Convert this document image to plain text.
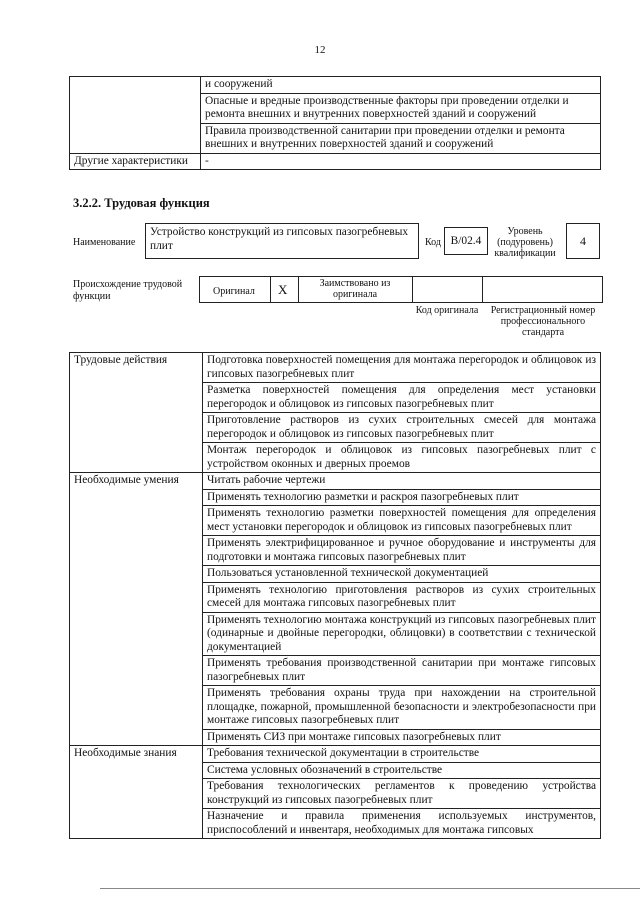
12
	и сооружений
	Опасные и вредные производственные факторы при проведении отделки и ремонта внешних и внутренних поверхностей зданий и сооружений
	Правила производственной санитарии при проведении отделки и ремонта внешних и внутренних поверхностей зданий и сооружений
Другие характеристики	-
3.2.2. Трудовая функция
Наименование
Устройство конструкций из гипсовых пазогребневых плит	Код B/02.4
Уровень (подуровень) квалификации
4
Происхождение трудовой функции	Оригинал X	Заимствовано из оригинала
Код оригинала	Регистрационный номер профессионального стандарта
Трудовые действия	Подготовка поверхностей помещения для монтажа перегородок и облицовок из гипсовых пазогребневых плит
	Разметка поверхностей помещения для определения мест установки перегородок и облицовок из гипсовых пазогребневых плит
	Приготовление растворов из сухих строительных смесей для монтажа перегородок и облицовок из гипсовых пазогребневых плит
	Монтаж перегородок и облицовок из гипсовых пазогребневых плит с устройством оконных и дверных проемов
Необходимые умения	Читать рабочие чертежи
	Применять технологию разметки и раскроя пазогребневых плит
	Применять технологию разметки поверхностей помещения для определения мест установки перегородок и облицовок из гипсовых пазогребневых плит
	Применять электрифицированное и ручное оборудование и инструменты для подготовки и монтажа гипсовых пазогребневых плит
	Пользоваться установленной технической документацией
	Применять технологию приготовления растворов из сухих строительных смесей для монтажа гипсовых пазогребневых плит
	Применять технологию монтажа конструкций из гипсовых пазогребневых плит (одинарные и двойные перегородки, облицовки) в соответствии с технической документацией
	Применять требования производственной санитарии при монтаже гипсовых пазогребневых плит
	Применять требования охраны труда при нахождении на строительной площадке, пожарной, промышленной безопасности и электробезопасности при монтаже гипсовых пазогребневых плит
	Применять СИЗ при монтаже гипсовых пазогребневых плит
Необходимые знания	Требования технической документации в строительстве
	Система условных обозначений в строительстве
	Требования технологических регламентов к проведению устройства конструкций из гипсовых пазогребневых плит
	Назначение и правила применения используемых инструментов, приспособлений и инвентаря, необходимых для монтажа гипсовых
